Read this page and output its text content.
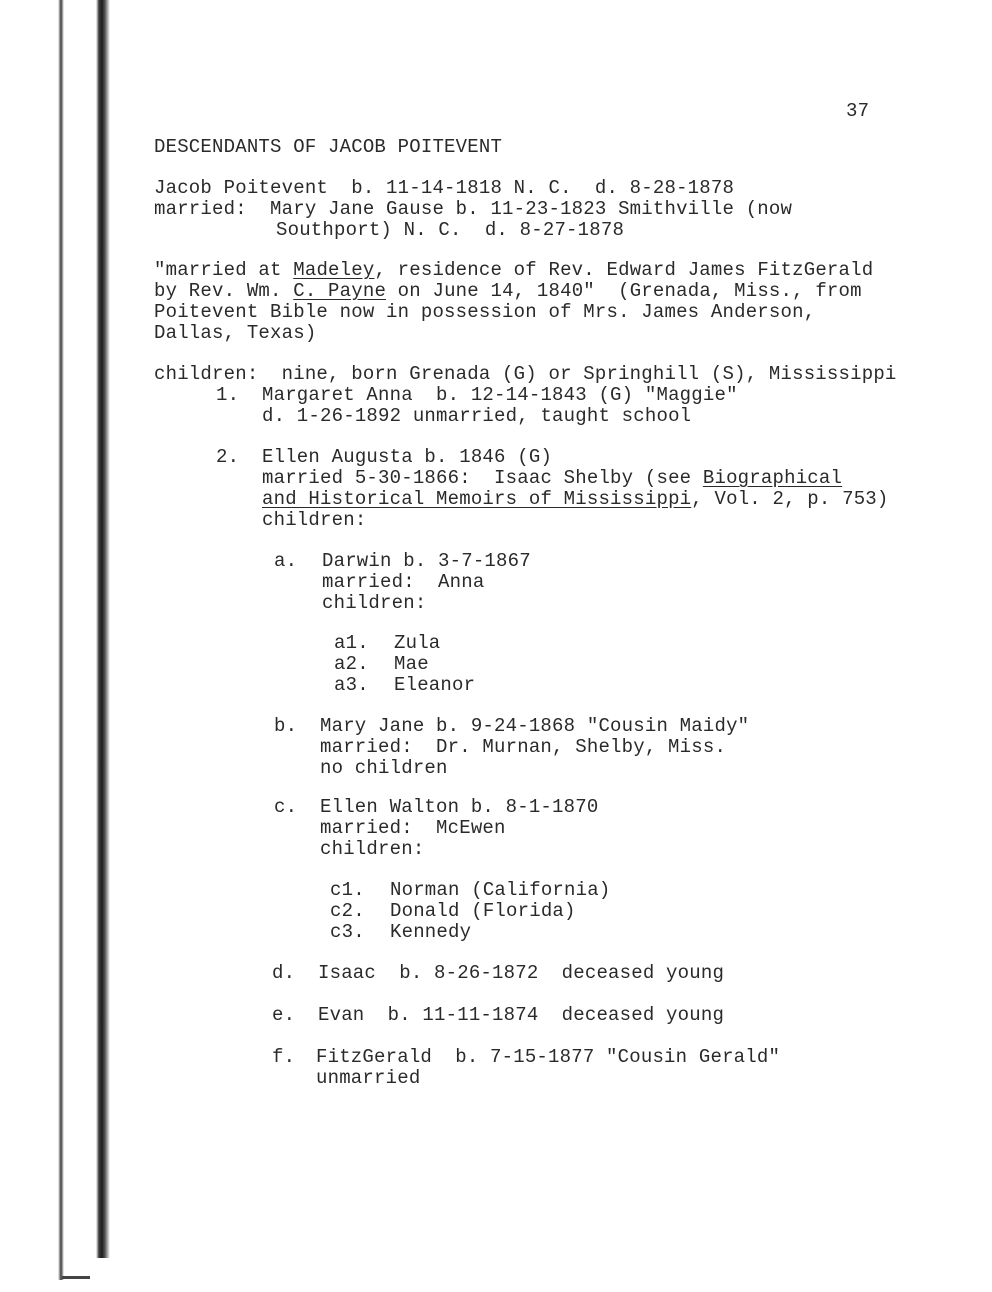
37
DESCENDANTS OF JACOB POITEVENT
Jacob Poitevent  b. 11-14-1818 N. C.  d. 8-28-1878
married:  Mary Jane Gause b. 11-23-1823 Smithville (now
Southport) N. C.  d. 8-27-1878
"married at Madeley, residence of Rev. Edward James FitzGerald
by Rev. Wm. C. Payne on June 14, 1840"  (Grenada, Miss., from
Poitevent Bible now in possession of Mrs. James Anderson,
Dallas, Texas)
children:  nine, born Grenada (G) or Springhill (S), Mississippi
1. Margaret Anna  b. 12-14-1843 (G) "Maggie"
d. 1-26-1892 unmarried, taught school
2. Ellen Augusta b. 1846 (G)
married 5-30-1866:  Isaac Shelby (see Biographical
and Historical Memoirs of Mississippi, Vol. 2, p. 753)
children:
a. Darwin b. 3-7-1867
married:  Anna
children:
a1. Zula
a2. Mae
a3. Eleanor
b. Mary Jane b. 9-24-1868 "Cousin Maidy"
married:  Dr. Murnan, Shelby, Miss.
no children
c. Ellen Walton b. 8-1-1870
married:  McEwen
children:
c1. Norman (California)
c2. Donald (Florida)
c3. Kennedy
d. Isaac  b. 8-26-1872  deceased young
e. Evan  b. 11-11-1874  deceased young
f. FitzGerald  b. 7-15-1877 "Cousin Gerald"
unmarried
